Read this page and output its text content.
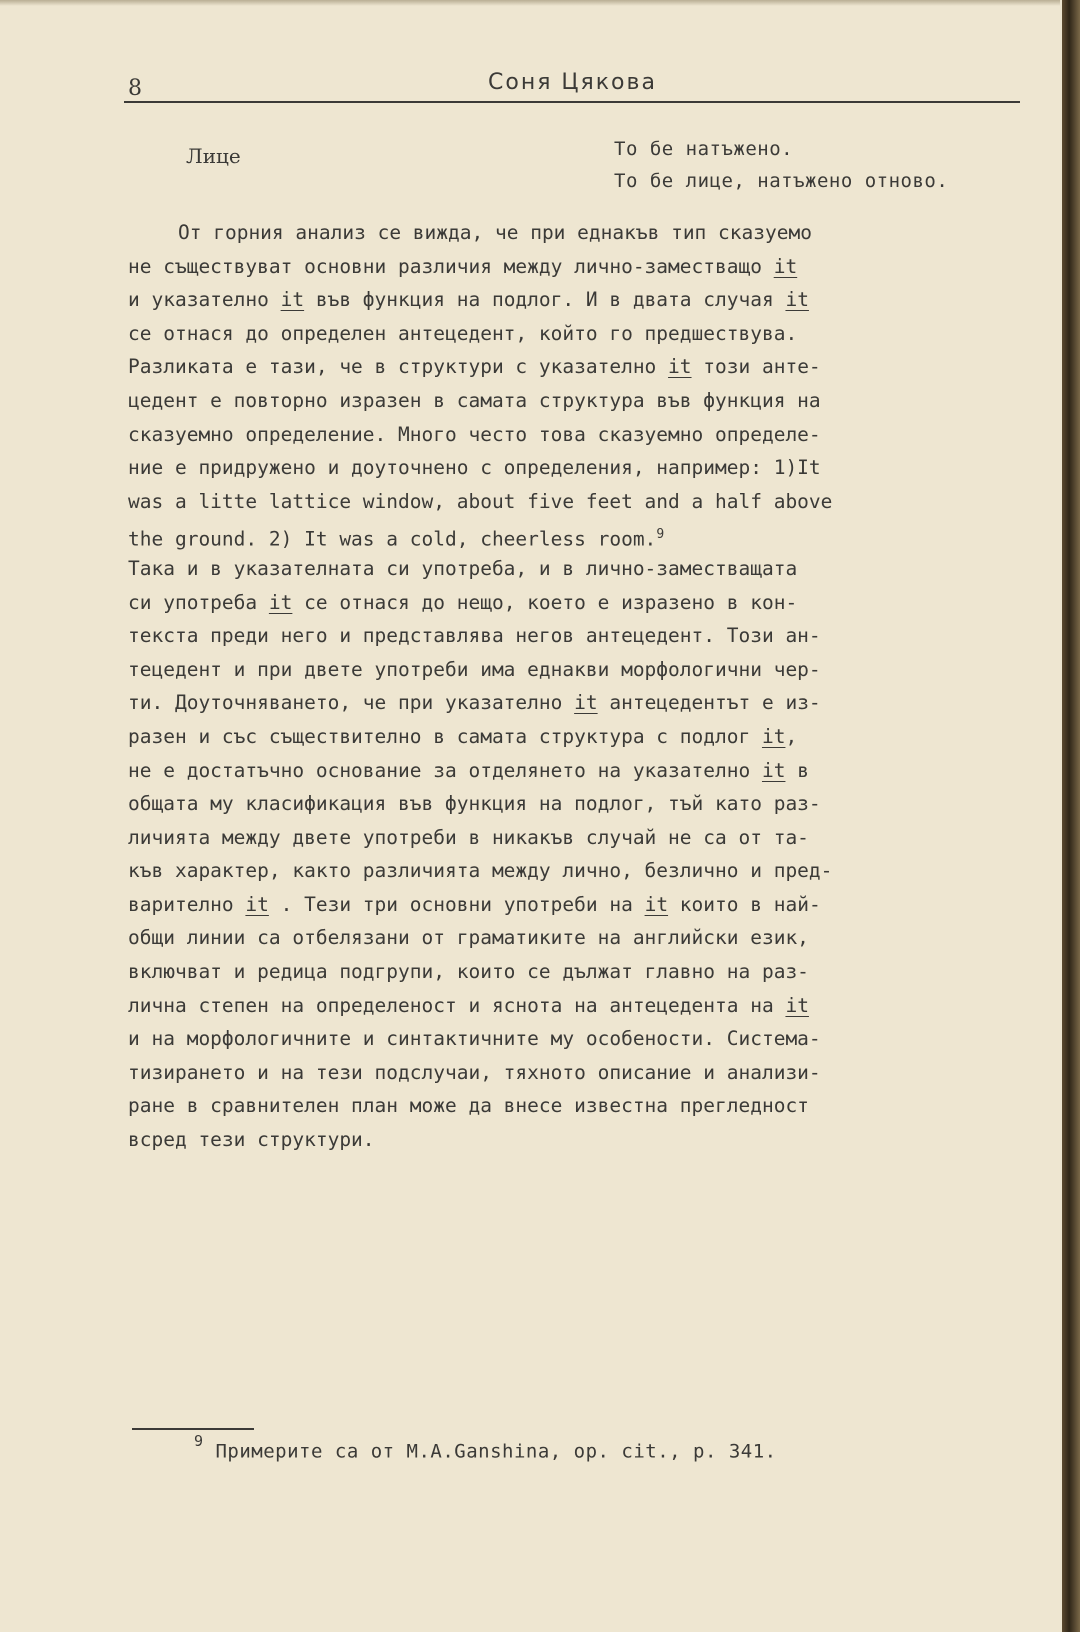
8	Соня Цякова
Лице	То бе натъжено.
То бе лице, натъжено отново.
От горния анализ се вижда, че при еднакъв тип сказуемо
не съществуват основни различия между лично-заместващо it
и указателно it във функция на подлог. И в двата случая it
се отнася до определен антецедент, който го предшествува.
Разликата е тази, че в структури с указателно it този анте-
цедент е повторно изразен в самата структура във функция на
сказуемно определение. Много често това сказуемно определе-
ние е придружено и доуточнено с определения, например: 1)It
was a litte lattice window, about five feet and a half above
the ground. 2) It was a cold, cheerless room.$^9$
Така и в указателната си употреба, и в лично-заместващата
си употреба it се отнася до нещо, което е изразено в кон-
текста преди него и представлява негов антецедент. Този ан-
тецедент и при двете употреби има еднакви морфологични чер-
ти. Доуточняването, че при указателно it антецедентът е из-
разен и със съществително в самата структура с подлог it,
не е достатъчно основание за отделянето на указателно it в
общата му класификация във функция на подлог, тъй като раз-
личията между двете употреби в никакъв случай не са от та-
къв характер, както различията между лично, безлично и пред-
варително it . Тези три основни употреби на it които в най-
общи линии са отбелязани от граматиките на английски език,
включват и редица подгрупи, които се дължат главно на раз-
лична степен на определеност и яснота на антецедента на it
и на морфологичните и синтактичните му особености. Система-
тизирането и на тези подслучаи, тяхното описание и анализи-
ране в сравнителен план може да внесе известна прегледност
всред тези структури.
$^9$ Примерите са от M.A.Ganshina, op. cit., p. 341.
